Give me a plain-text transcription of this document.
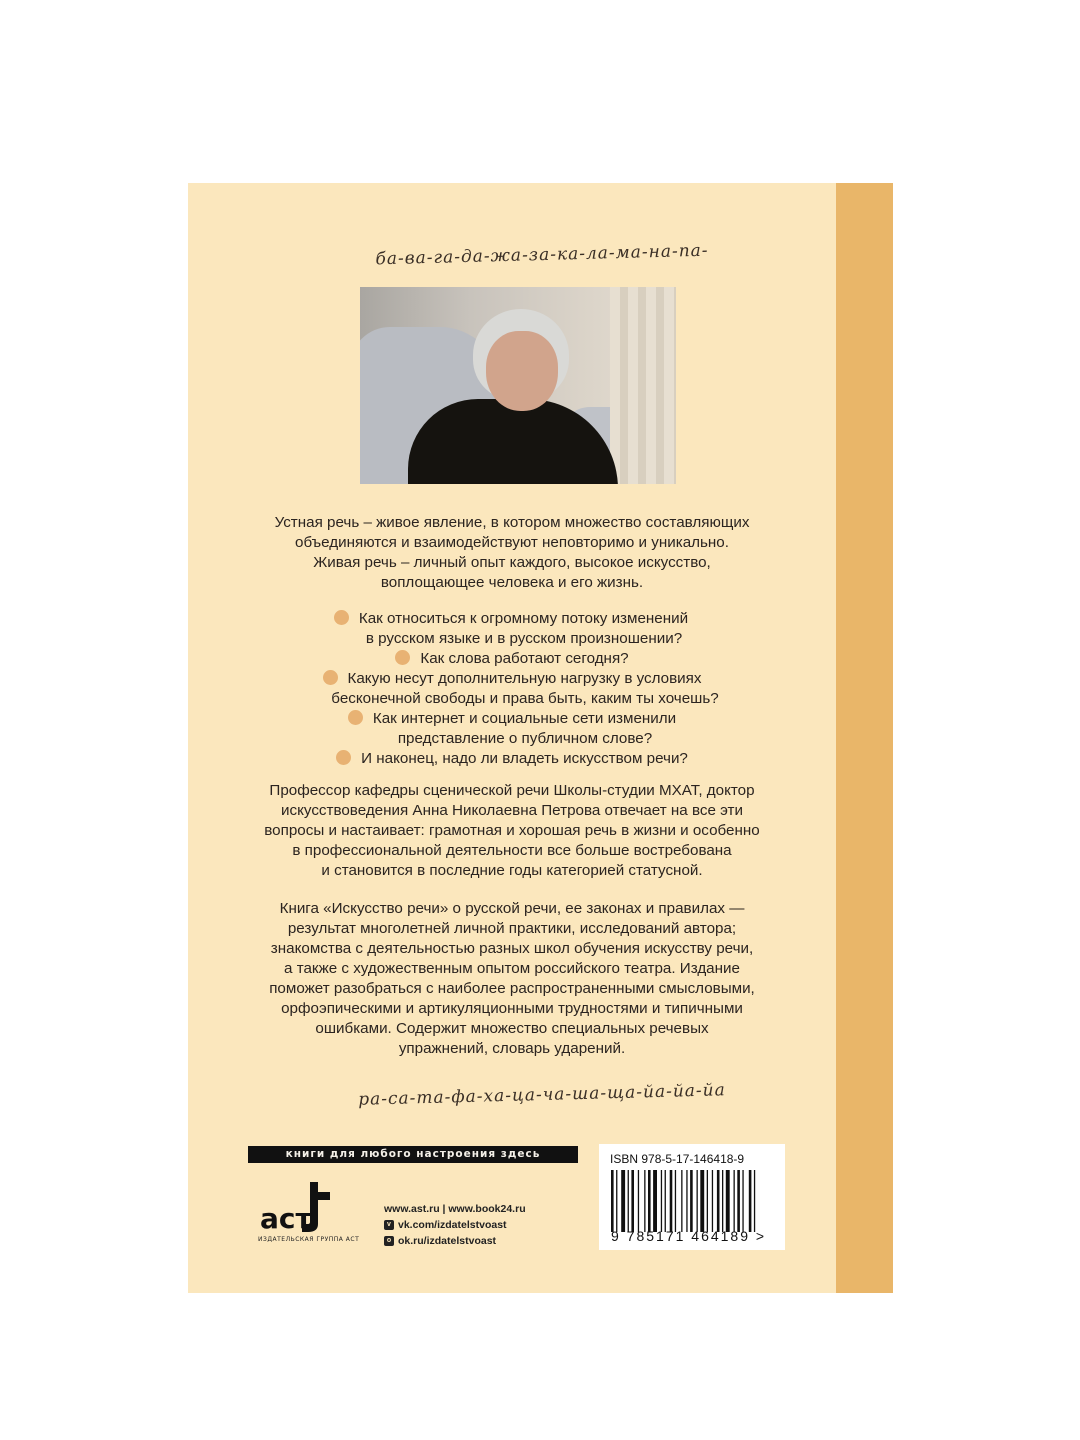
ба-ва-га-да-жа-за-ка-ла-ма-на-па-
Устная речь – живое явление, в котором множество составляющих
объединяются и взаимодействуют неповторимо и уникально.
Живая речь – личный опыт каждого, высокое искусство,
воплощающее человека и его жизнь.
Как относиться к огромному потоку изменений
в русском языке и в русском произношении?
Как слова работают сегодня?
Какую несут дополнительную нагрузку в условиях
бесконечной свободы и права быть, каким ты хочешь?
Как интернет и социальные сети изменили
представление о публичном слове?
И наконец, надо ли владеть искусством речи?
Профессор кафедры сценической речи Школы-студии МХАТ, доктор
искусствоведения Анна Николаевна Петрова отвечает на все эти
вопросы и настаивает: грамотная и хорошая речь в жизни и особенно
в профессиональной деятельности все больше востребована
и становится в последние годы категорией статусной.
Книга «Искусство речи» о русской речи, ее законах и правилах —
результат многолетней личной практики, исследований автора;
знакомства с деятельностью разных школ обучения искусству речи,
а также с художественным опытом российского театра. Издание
поможет разобраться с наиболее распространенными смысловыми,
орфоэпическими и артикуляционными трудностями и типичными
ошибками. Содержит множество специальных речевых
упражнений, словарь ударений.
ра-са-та-фа-ха-ца-ча-ша-ща-йа-йа-йа
книги для любого настроения здесь
аст
ИЗДАТЕЛЬСКАЯ ГРУППА АСТ
www.ast.ru | www.book24.ru
v vk.com/izdatelstvoast
o ok.ru/izdatelstvoast
ISBN 978-5-17-146418-9
9 785171 464189 >
